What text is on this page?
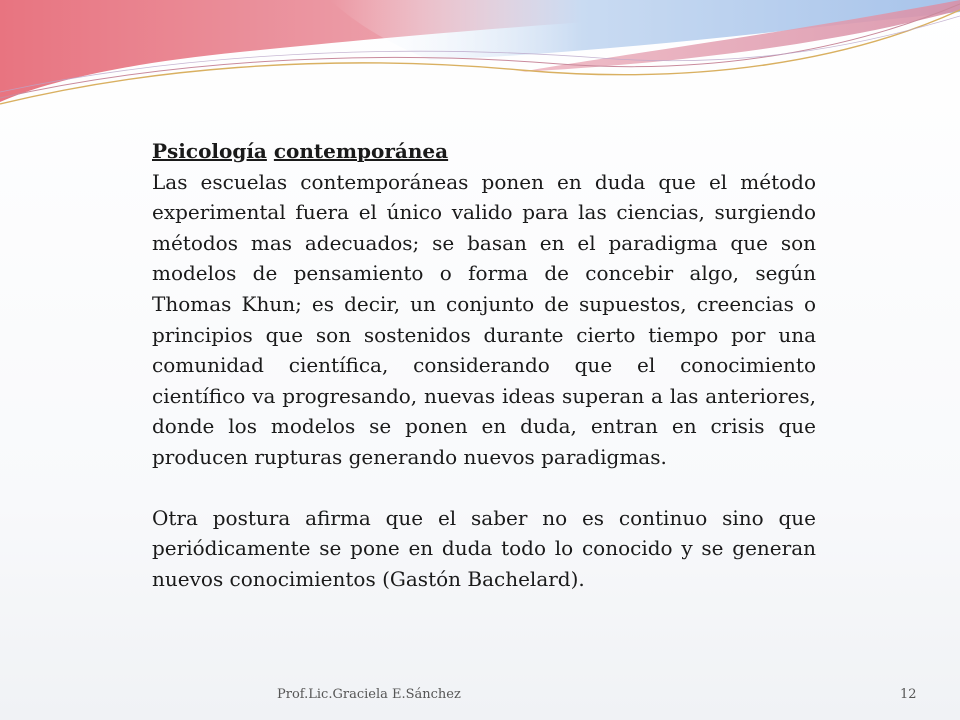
Psicología contemporánea

Las escuelas contemporáneas ponen en duda que el método experimental fuera el único valido para las ciencias, surgiendo métodos mas adecuados; se basan en el paradigma que son modelos de pensamiento o forma de concebir algo, según Thomas Khun; es decir, un conjunto de supuestos, creencias o principios que son sostenidos durante cierto tiempo por una comunidad científica, considerando que el conocimiento científico va progresando, nuevas ideas superan a las anteriores, donde los modelos se ponen en duda, entran en crisis que producen rupturas generando nuevos paradigmas.

Otra postura afirma que el saber no es continuo sino que periódicamente se pone en duda todo lo conocido y se generan nuevos conocimientos (Gastón Bachelard).

Prof.Lic.Graciela E.Sánchez	12
